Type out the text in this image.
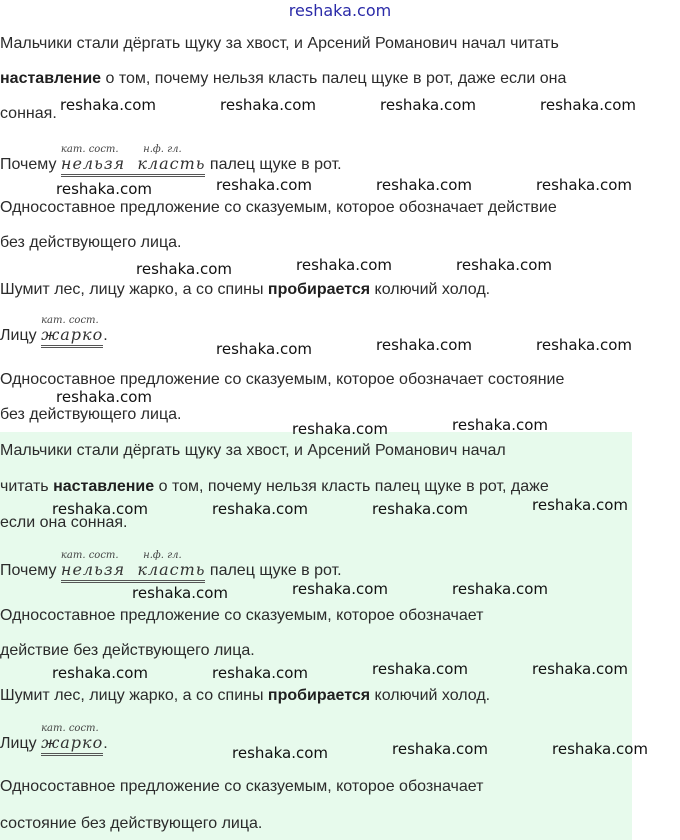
reshaka.com
Мальчики стали дёргать щуку за хвост, и Арсений Романович начал читать
наставление о том, почему нельзя класть палец щуке в рот, даже если она
сонная.
Почему
кат. сост.
нельзя
н.ф. гл.
класть палец щуке в рот.
Односоставное предложение со сказуемым, которое обозначает действие
без действующего лица.
Шумит лес, лицу жарко, а со спины пробирается колючий холод.
Лицу
кат. сост.
жарко.
Односоставное предложение со сказуемым, которое обозначает состояние
без действующего лица.
Мальчики стали дёргать щуку за хвост, и Арсений Романович начал
читать наставление о том, почему нельзя класть палец щуке в рот, даже
если она сонная.
Почему
кат. сост.
нельзя
н.ф. гл.
класть палец щуке в рот.
Односоставное предложение со сказуемым, которое обозначает
действие без действующего лица.
Шумит лес, лицу жарко, а со спины пробирается колючий холод.
Лицу
кат. сост.
жарко.
Односоставное предложение со сказуемым, которое обозначает
состояние без действующего лица.
reshaka.com	reshaka.com	reshaka.com	reshaka.com
reshaka.com	reshaka.com	reshaka.com	reshaka.com
reshaka.com	reshaka.com	reshaka.com
reshaka.com	reshaka.com	reshaka.com
reshaka.com
reshaka.com	reshaka.com
reshaka.com	reshaka.com	reshaka.com	reshaka.com
reshaka.com	reshaka.com	reshaka.com
reshaka.com	reshaka.com	reshaka.com	reshaka.com
reshaka.com	reshaka.com	reshaka.com
